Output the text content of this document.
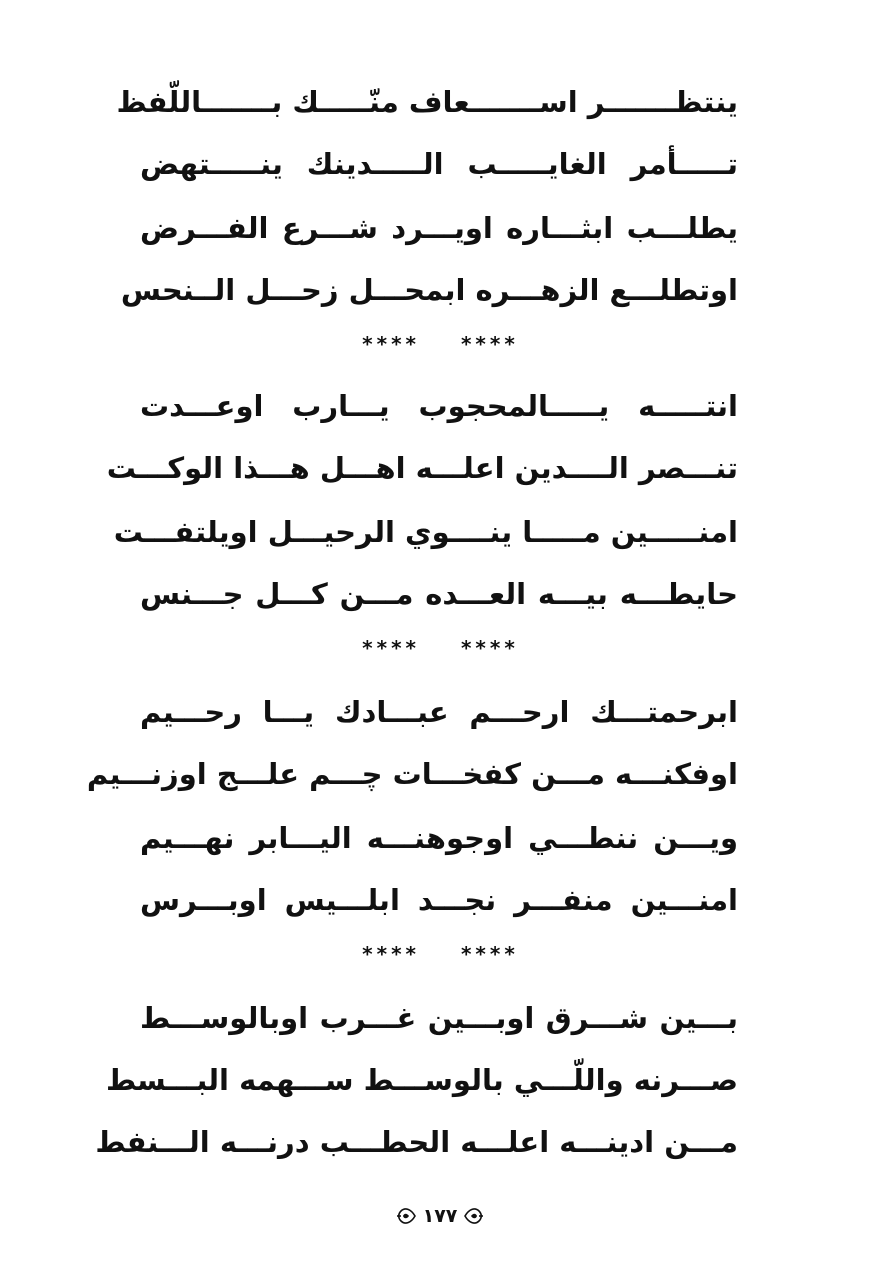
ينتظـــــــر اســـــــعاف منّـــــك بـــــــاللّفظ
تـــــأمر الغايـــــب الـــــدينك ينـــــتهض
يطلـــب ابثـــاره اويـــرد شـــرع الفـــرض
اوتطلـــع الزهـــره ابمحـــل زحـــل الــنحس
**** ****
انتـــــه يـــــالمحجوب يـــارب اوعـــدت
تنـــصر الــــدين اعلـــه اهـــل هـــذا الوكـــت
امنـــــين مـــــا ينــــوي الرحيـــل اويلتفـــت
حايطـــه بيـــه العـــده مـــن كـــل جـــنس
**** ****
ابرحمتـــك ارحـــم عبـــادك يـــا رحـــيم
اوفكنـــه مـــن كفخـــات چـــم علـــج اوزنـــيم
ويـــن ننطـــي اوجوهنـــه اليـــابر نهـــيم
امنـــين منفـــر نجـــد ابلـــيس اوبـــرس
**** ****
بـــين شـــرق اوبـــين غـــرب اوبالوســـط
صـــرنه واللّـــي بالوســـط ســـهمه البـــسط
مـــن ادينـــه اعلـــه الحطـــب درنـــه الـــنفط
١٧٧
